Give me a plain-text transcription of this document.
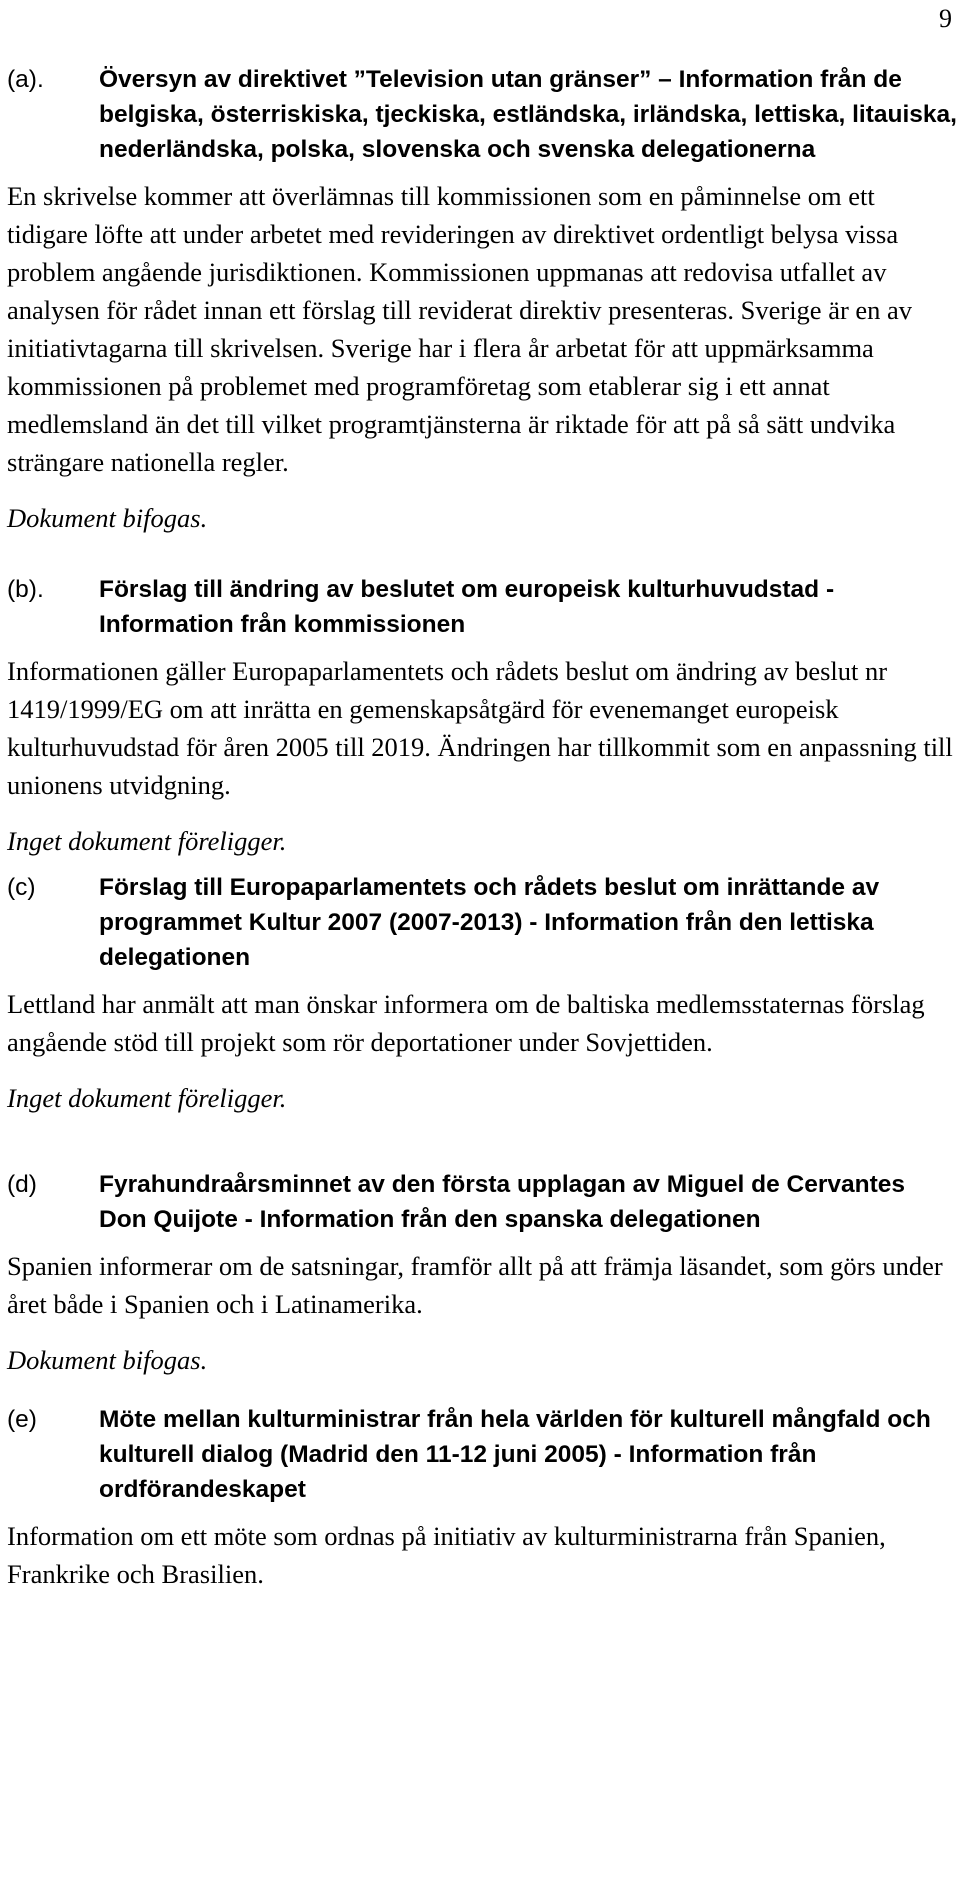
9
(a).	Översyn av direktivet ”Television utan gränser” – Information från de belgiska, österriskiska, tjeckiska, estländska, irländska, lettiska, litauiska, nederländska, polska, slovenska och svenska delegationerna

En skrivelse kommer att överlämnas till kommissionen som en påminnelse om ett tidigare löfte att under arbetet med revideringen av direktivet ordentligt belysa vissa problem angående jurisdiktionen. Kommissionen uppmanas att redovisa utfallet av analysen för rådet innan ett förslag till reviderat direktiv presenteras. Sverige är en av initiativtagarna till skrivelsen. Sverige har i flera år arbetat för att uppmärksamma kommissionen på problemet med programföretag som etablerar sig i ett annat medlemsland än det till vilket programtjänsterna är riktade för att på så sätt undvika strängare nationella regler.

Dokument bifogas.
(b).	Förslag till ändring av beslutet om europeisk kulturhuvudstad - Information från kommissionen

Informationen gäller Europaparlamentets och rådets beslut om ändring av beslut nr 1419/1999/EG om att inrätta en gemenskapsåtgärd för evenemanget europeisk kulturhuvudstad för åren 2005 till 2019. Ändringen har tillkommit som en anpassning till unionens utvidgning.

Inget dokument föreligger.
(c)	Förslag till Europaparlamentets och rådets beslut om inrättande av programmet Kultur 2007 (2007-2013) - Information från den lettiska delegationen

Lettland har anmält att man önskar informera om de baltiska medlemsstaternas förslag angående stöd till projekt som rör deportationer under Sovjettiden.

Inget dokument föreligger.
(d)	Fyrahundraårsminnet av den första upplagan av Miguel de Cervantes Don Quijote - Information från den spanska delegationen

Spanien informerar om de satsningar, framför allt på att främja läsandet, som görs under året både i Spanien och i Latinamerika.

Dokument bifogas.
(e)	Möte mellan kulturministrar från hela världen för kulturell mångfald och kulturell dialog (Madrid den 11-12 juni 2005) - Information från ordförandeskapet

Information om ett möte som ordnas på initiativ av kulturministrarna från Spanien, Frankrike och Brasilien.
